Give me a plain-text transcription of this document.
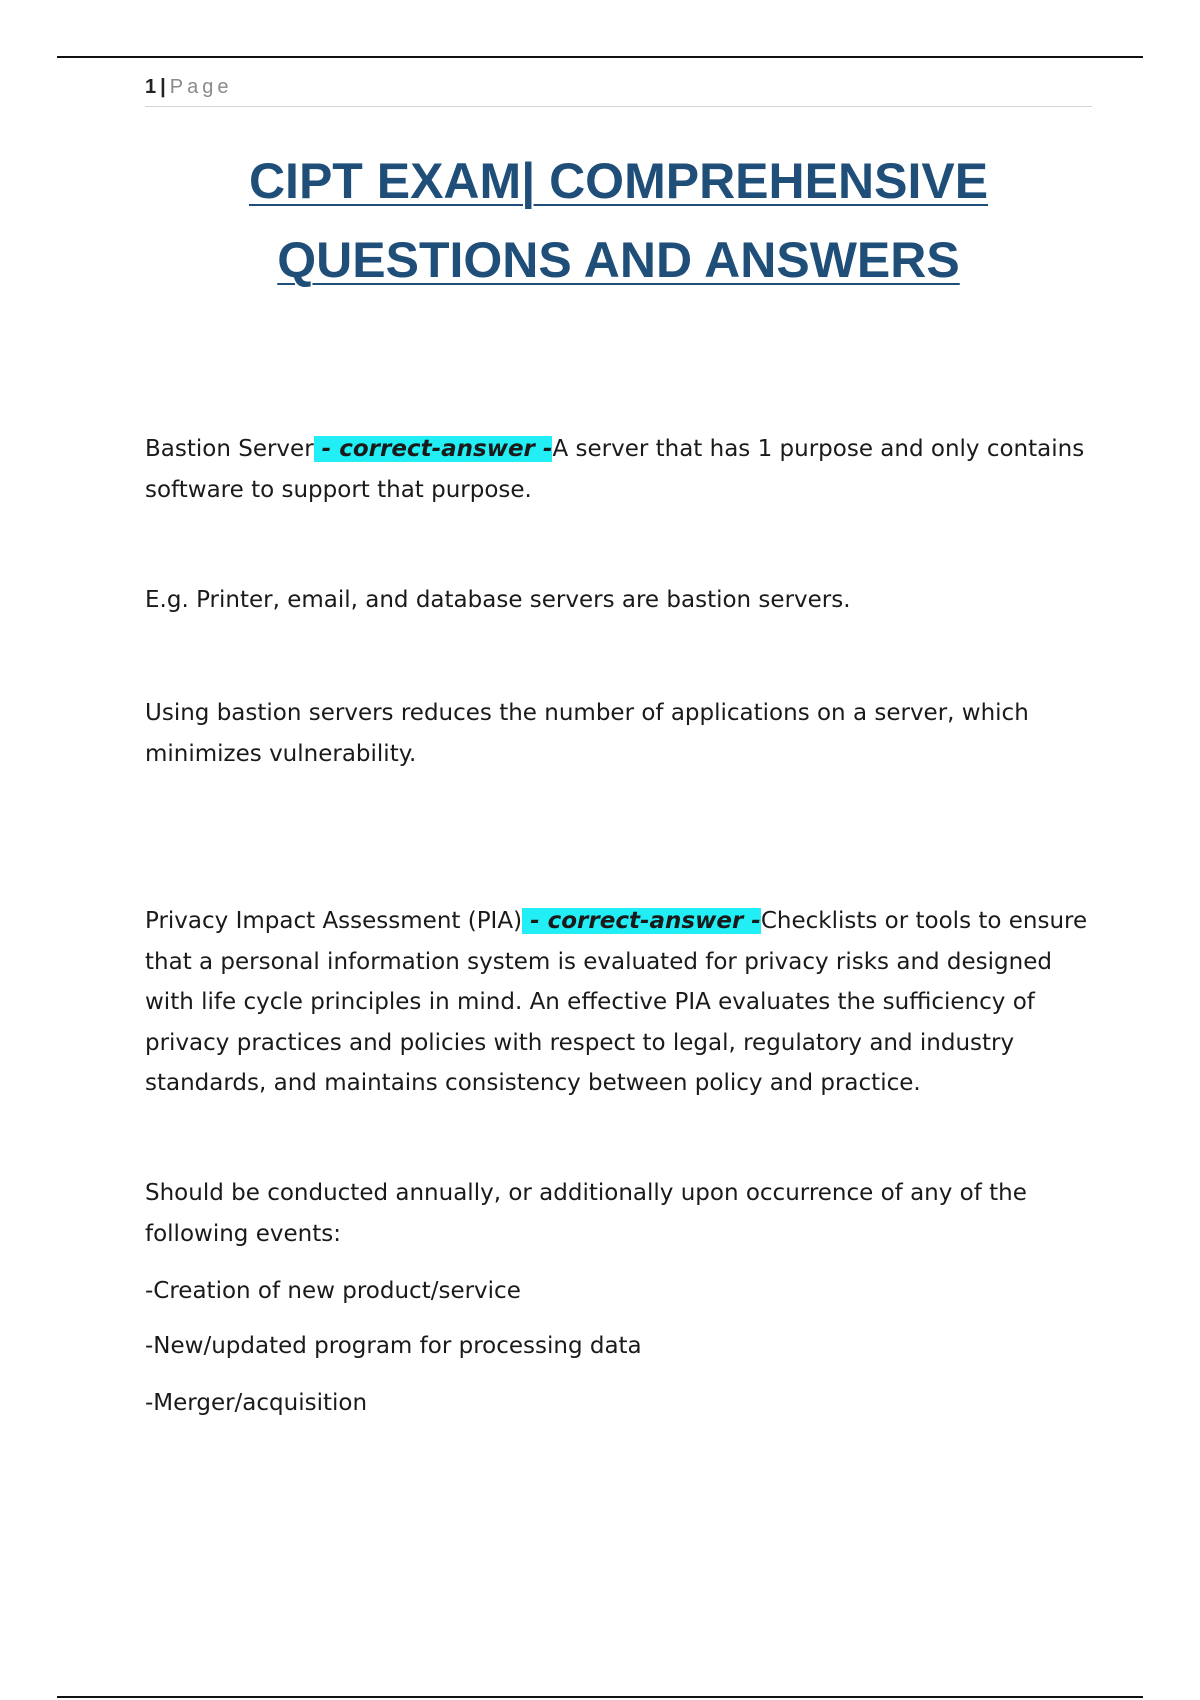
1 | Page
CIPT EXAM| COMPREHENSIVE
QUESTIONS AND ANSWERS

Bastion Server - correct-answer -A server that has 1 purpose and only contains software to support that purpose.

E.g. Printer, email, and database servers are bastion servers.

Using bastion servers reduces the number of applications on a server, which minimizes vulnerability.

Privacy Impact Assessment (PIA) - correct-answer -Checklists or tools to ensure that a personal information system is evaluated for privacy risks and designed with life cycle principles in mind. An effective PIA evaluates the sufficiency of privacy practices and policies with respect to legal, regulatory and industry standards, and maintains consistency between policy and practice.

Should be conducted annually, or additionally upon occurrence of any of the following events:

-Creation of new product/service

-New/updated program for processing data

-Merger/acquisition
